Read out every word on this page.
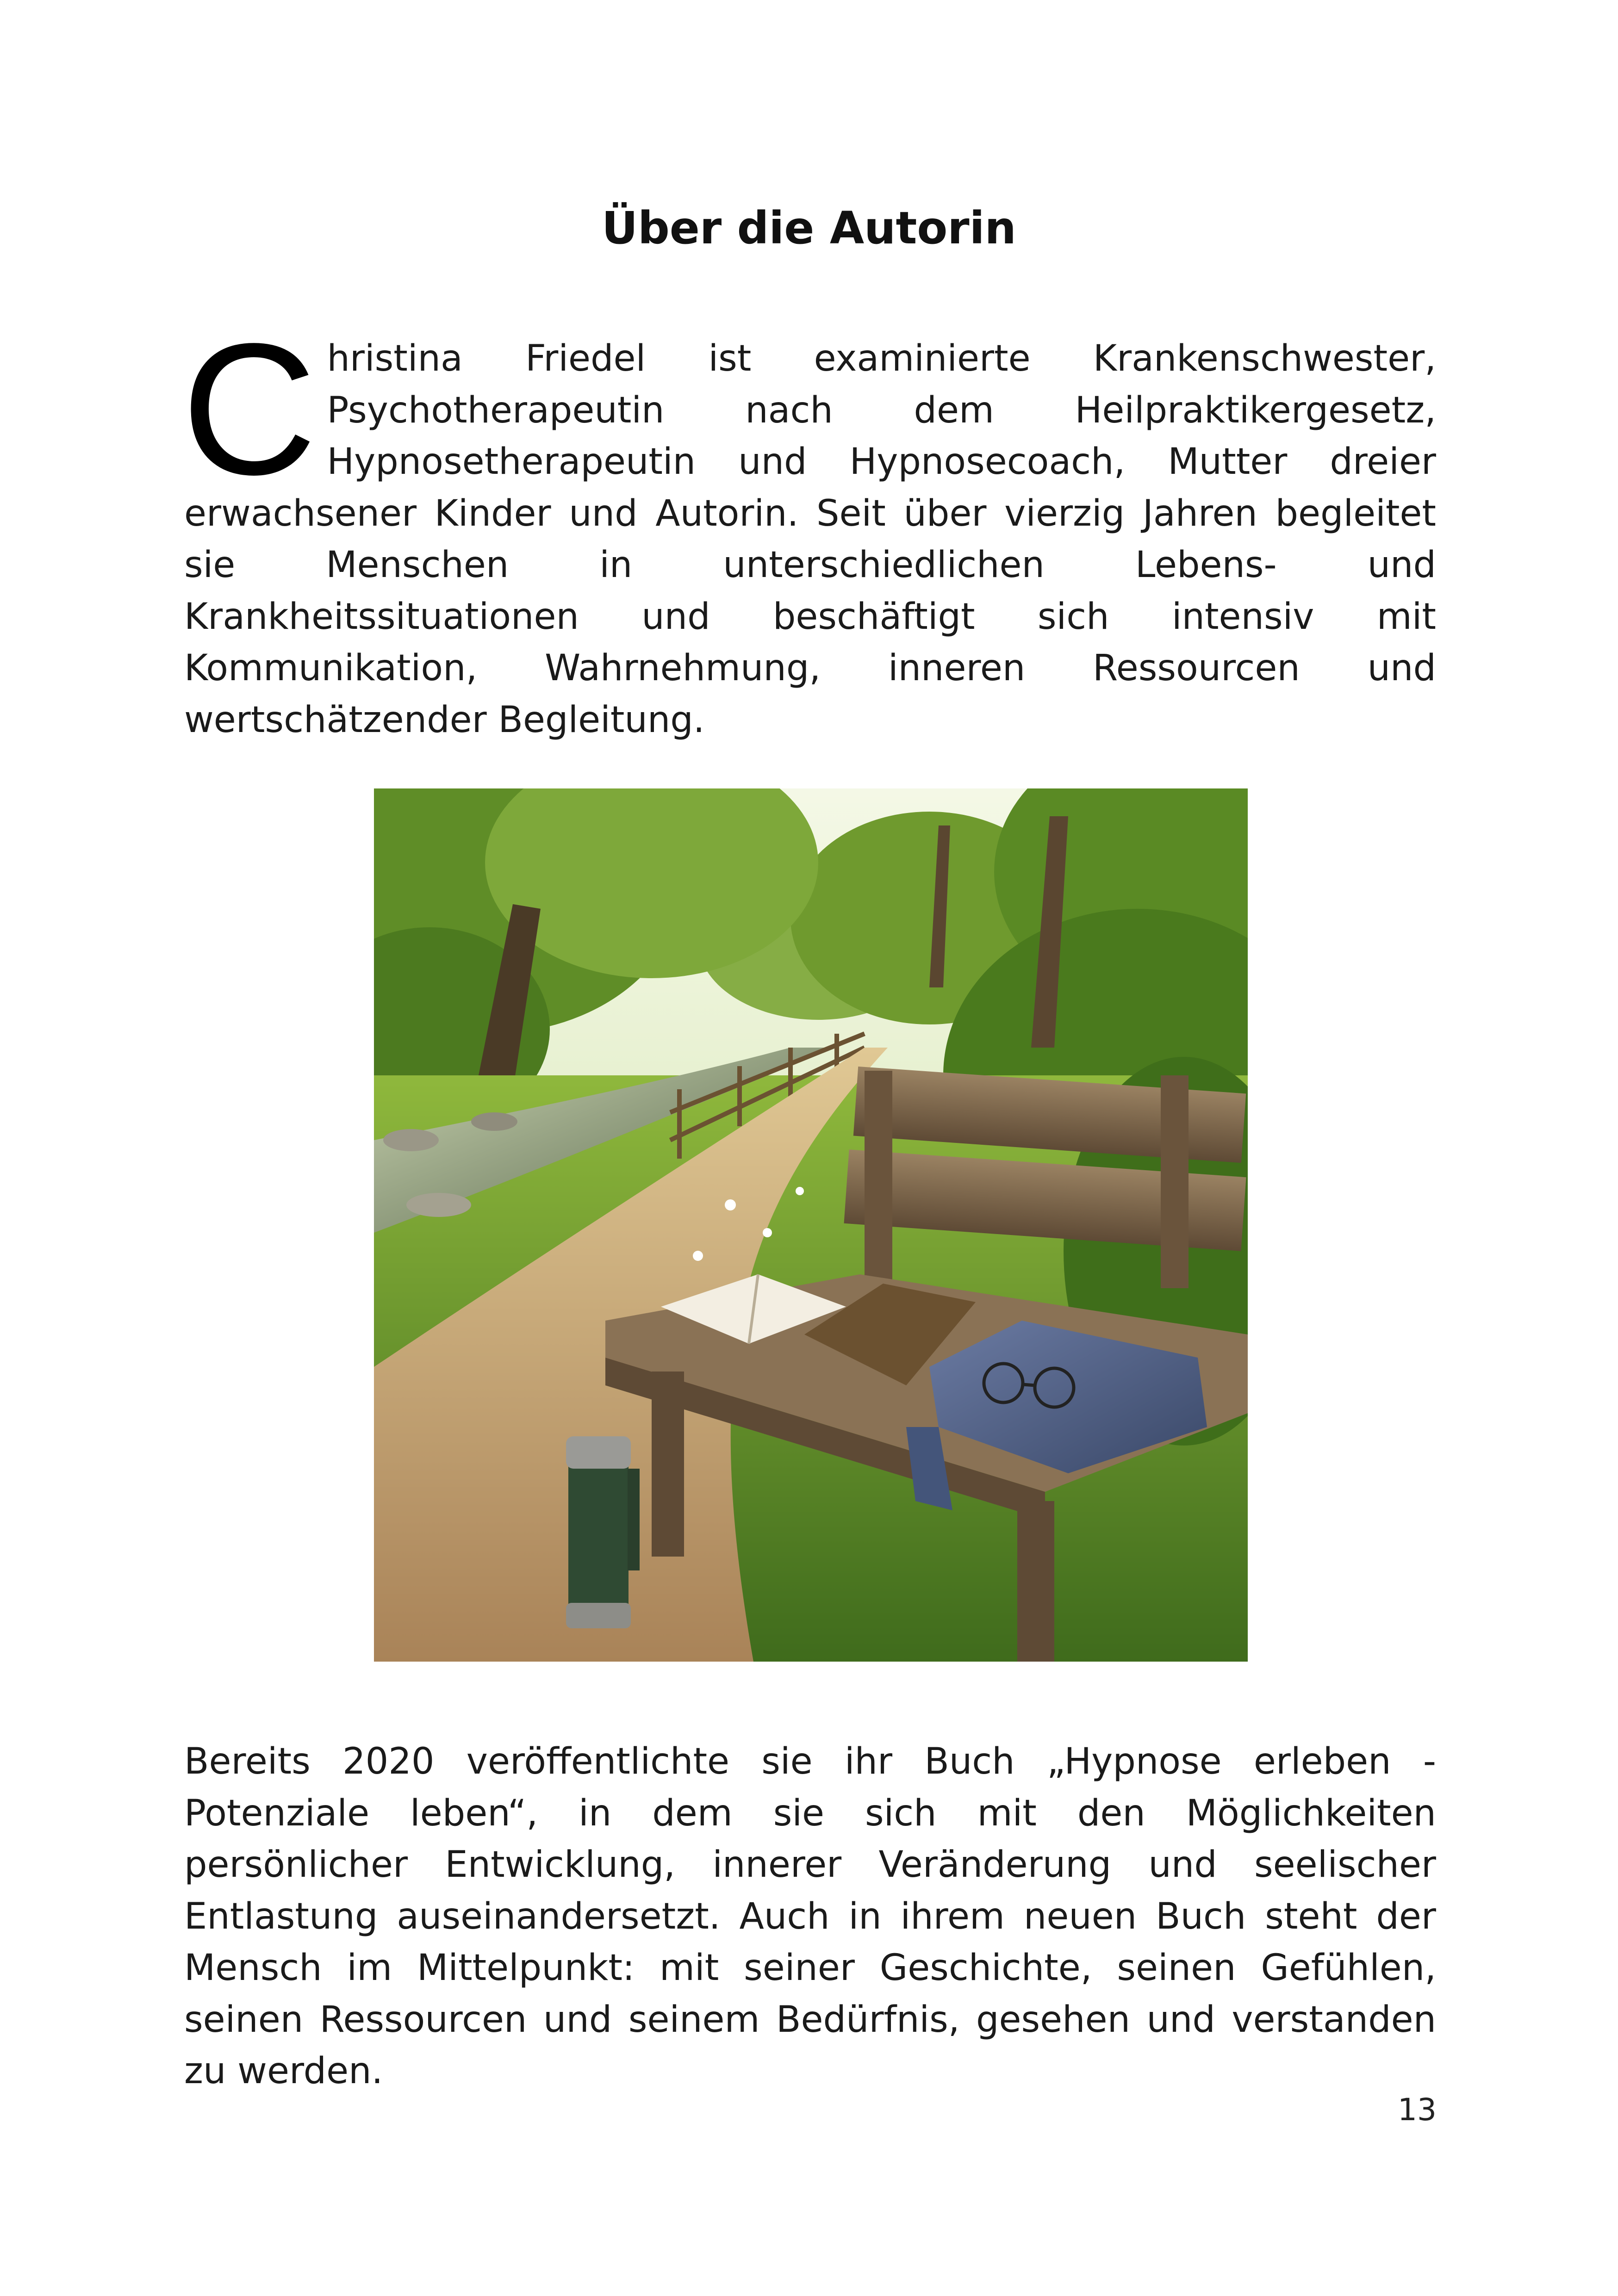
Über die Autorin

C hristina Friedel ist examinierte Krankenschwester, Psychotherapeutin nach dem Heilpraktikergesetz, Hypnosetherapeutin und Hypnosecoach, Mutter dreier erwachsener Kinder und Autorin. Seit über vierzig Jahren begleitet sie Menschen in unterschiedlichen Lebens- und Krankheitssituationen und beschäftigt sich intensiv mit Kommunikation, Wahrnehmung, inneren Ressourcen und wertschätzender Begleitung.

Bereits 2020 veröffentlichte sie ihr Buch „Hypnose erleben - Potenziale leben“, in dem sie sich mit den Möglichkeiten persönlicher Entwicklung, innerer Veränderung und seelischer Entlastung auseinandersetzt. Auch in ihrem neuen Buch steht der Mensch im Mittelpunkt: mit seiner Geschichte, seinen Gefühlen, seinen Ressourcen und seinem Bedürfnis, gesehen und verstanden zu werden.

13
